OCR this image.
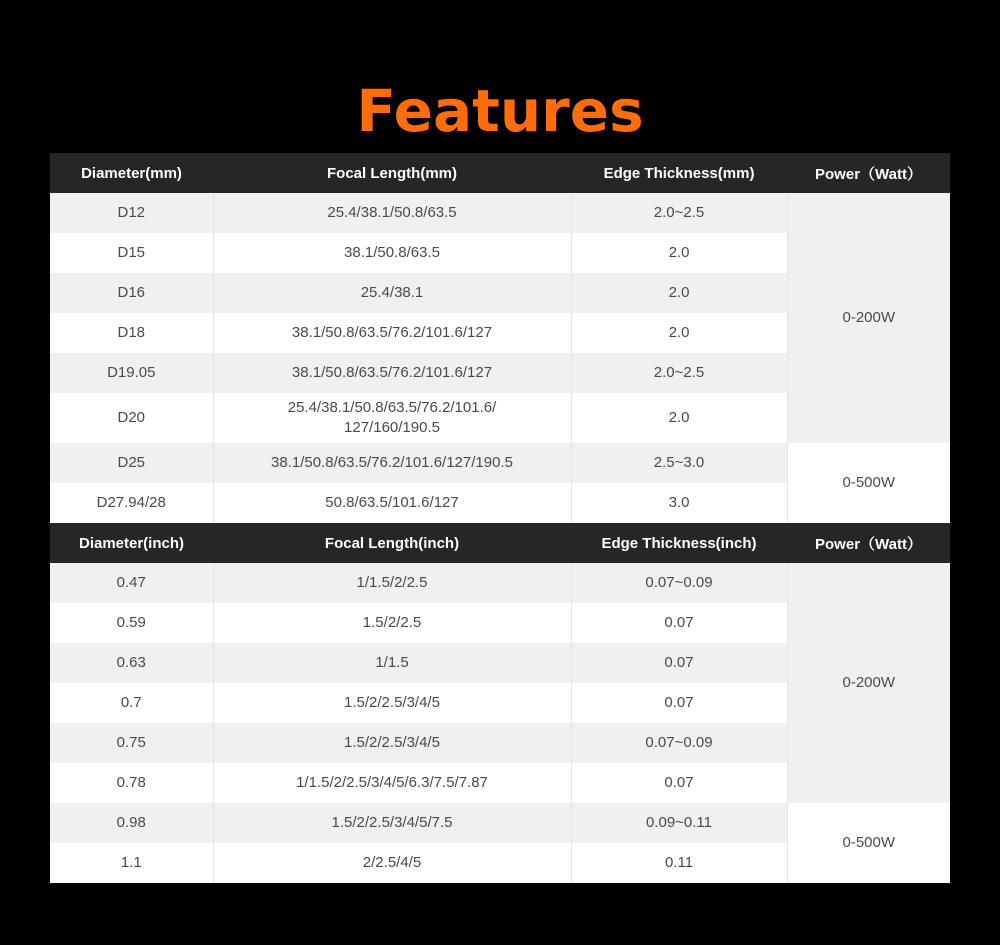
Features
Diameter(mm)	Focal Length(mm)	Edge Thickness(mm)	Power（Watt）
D12	25.4/38.1/50.8/63.5	2.0~2.5	0-200W
D15	38.1/50.8/63.5	2.0	
D16	25.4/38.1	2.0	
D18	38.1/50.8/63.5/76.2/101.6/127	2.0	
D19.05	38.1/50.8/63.5/76.2/101.6/127	2.0~2.5	
D20	25.4/38.1/50.8/63.5/76.2/101.6/
127/160/190.5	2.0	
D25	38.1/50.8/63.5/76.2/101.6/127/190.5	2.5~3.0	0-500W
D27.94/28	50.8/63.5/101.6/127	3.0	
Diameter(inch)	Focal Length(inch)	Edge Thickness(inch)	Power（Watt）
0.47	1/1.5/2/2.5	0.07~0.09	0-200W
0.59	1.5/2/2.5	0.07	
0.63	1/1.5	0.07	
0.7	1.5/2/2.5/3/4/5	0.07	
0.75	1.5/2/2.5/3/4/5	0.07~0.09	
0.78	1/1.5/2/2.5/3/4/5/6.3/7.5/7.87	0.07	
0.98	1.5/2/2.5/3/4/5/7.5	0.09~0.11	0-500W
1.1	2/2.5/4/5	0.11	
